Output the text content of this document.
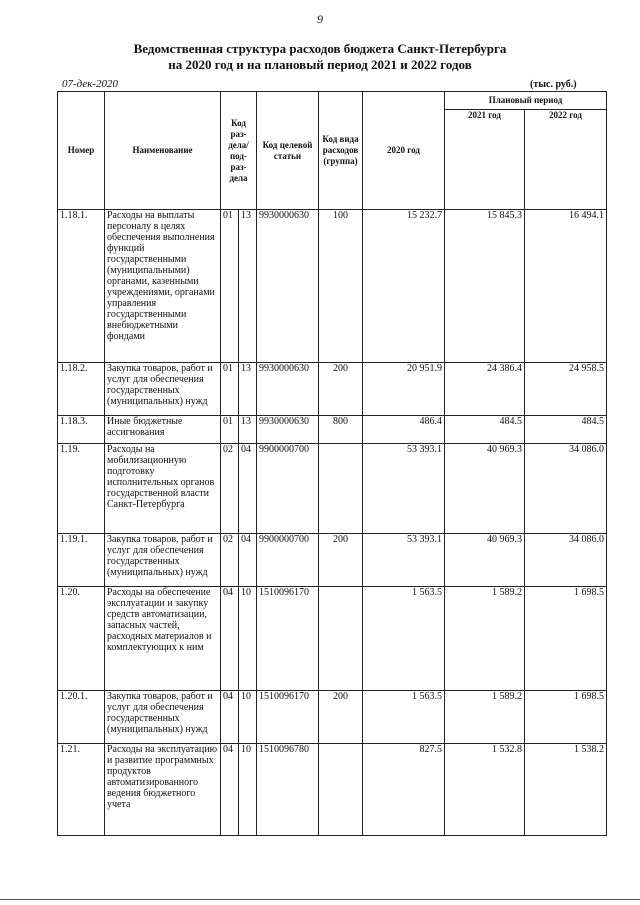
9
Ведомственная структура расходов бюджета Санкт-Петербурга
на 2020 год и на плановый период 2021 и 2022 годов
07-дек-2020	(тыс. руб.)
Номер	Наименование	Код раз-дела/ под-раз-дела		Код целевой статьи	Код вида расходов (группа)	2020 год	Плановый период	
							2021 год	2022 год
1.18.1.	Расходы на выплаты персоналу в целях обеспечения выполнения функций государственными (муниципальными) органами, казенными учреждениями, органами управления государственными внебюджетными фондами	01	13	9930000630	100	15 232.7	15 845.3	16 494.1
1.18.2.	Закупка товаров, работ и услуг для обеспечения государственных (муниципальных) нужд	01	13	9930000630	200	20 951.9	24 386.4	24 958.5
1.18.3.	Иные бюджетные ассигнования	01	13	9930000630	800	486.4	484.5	484.5
1.19.	Расходы на мобилизационную подготовку исполнительных органов государственной власти Санкт-Петербурга	02	04	9900000700		53 393.1	40 969.3	34 086.0
1.19.1.	Закупка товаров, работ и услуг для обеспечения государственных (муниципальных) нужд	02	04	9900000700	200	53 393.1	40 969.3	34 086.0
1.20.	Расходы на обеспечение эксплуатации и закупку средств автоматизации, запасных частей, расходных материалов и комплектующих к ним	04	10	1510096170		1 563.5	1 589.2	1 698.5
1.20.1.	Закупка товаров, работ и услуг для обеспечения государственных (муниципальных) нужд	04	10	1510096170	200	1 563.5	1 589.2	1 698.5
1.21.	Расходы на эксплуатацию и развитие программных продуктов автоматизированного ведения бюджетного учета	04	10	1510096780		827.5	1 532.8	1 538.2
